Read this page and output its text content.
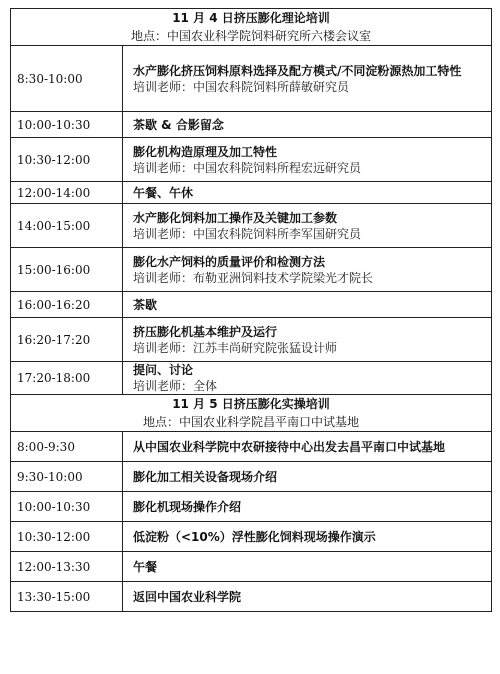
11 月 4 日挤压膨化理论培训
地点：中国农业科学院饲料研究所六楼会议室	

8:30-10:00	水产膨化挤压饲料原料选择及配方模式/不同淀粉源热加工特性
培训老师：中国农科院饲料所薛敏研究员

10:00-10:30	茶歇 & 合影留念

10:30-12:00	膨化机构造原理及加工特性
培训老师：中国农科院饲料所程宏远研究员

12:00-14:00	午餐、午休

14:00-15:00	水产膨化饲料加工操作及关键加工参数
培训老师：中国农科院饲料所李军国研究员

15:00-16:00	膨化水产饲料的质量评价和检测方法
培训老师：布勒亚洲饲料技术学院梁光才院长

16:00-16:20	茶歇

16:20-17:20	挤压膨化机基本维护及运行
培训老师：江苏丰尚研究院张猛设计师

17:20-18:00	提问、讨论
培训老师：全体

11 月 5 日挤压膨化实操培训
地点：中国农业科学院昌平南口中试基地	

8:00-9:30	从中国农业科学院中农研接待中心出发去昌平南口中试基地

9:30-10:00	膨化加工相关设备现场介绍

10:00-10:30	膨化机现场操作介绍

10:30-12:00	低淀粉（<10%）浮性膨化饲料现场操作演示

12:00-13:30	午餐

13:30-15:00	返回中国农业科学院
